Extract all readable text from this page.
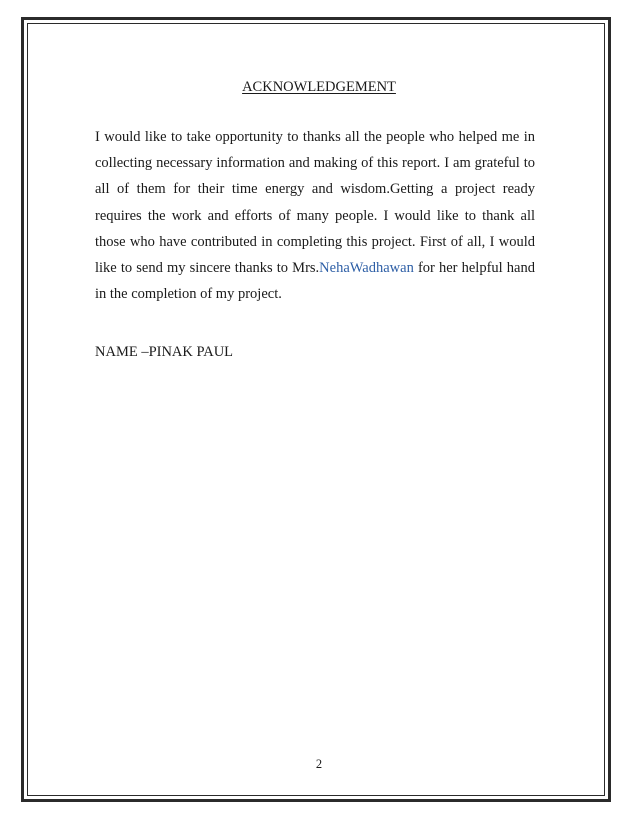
ACKNOWLEDGEMENT

I would like to take opportunity to thanks all the people who helped me in collecting necessary information and making of this report. I am grateful to all of them for their time energy and wisdom.Getting a project ready requires the work and efforts of many people. I would like to thank all those who have contributed in completing this project. First of all, I would like to send my sincere thanks to Mrs.NehaWadhawan for her helpful hand in the completion of my project.

NAME –PINAK PAUL
2
